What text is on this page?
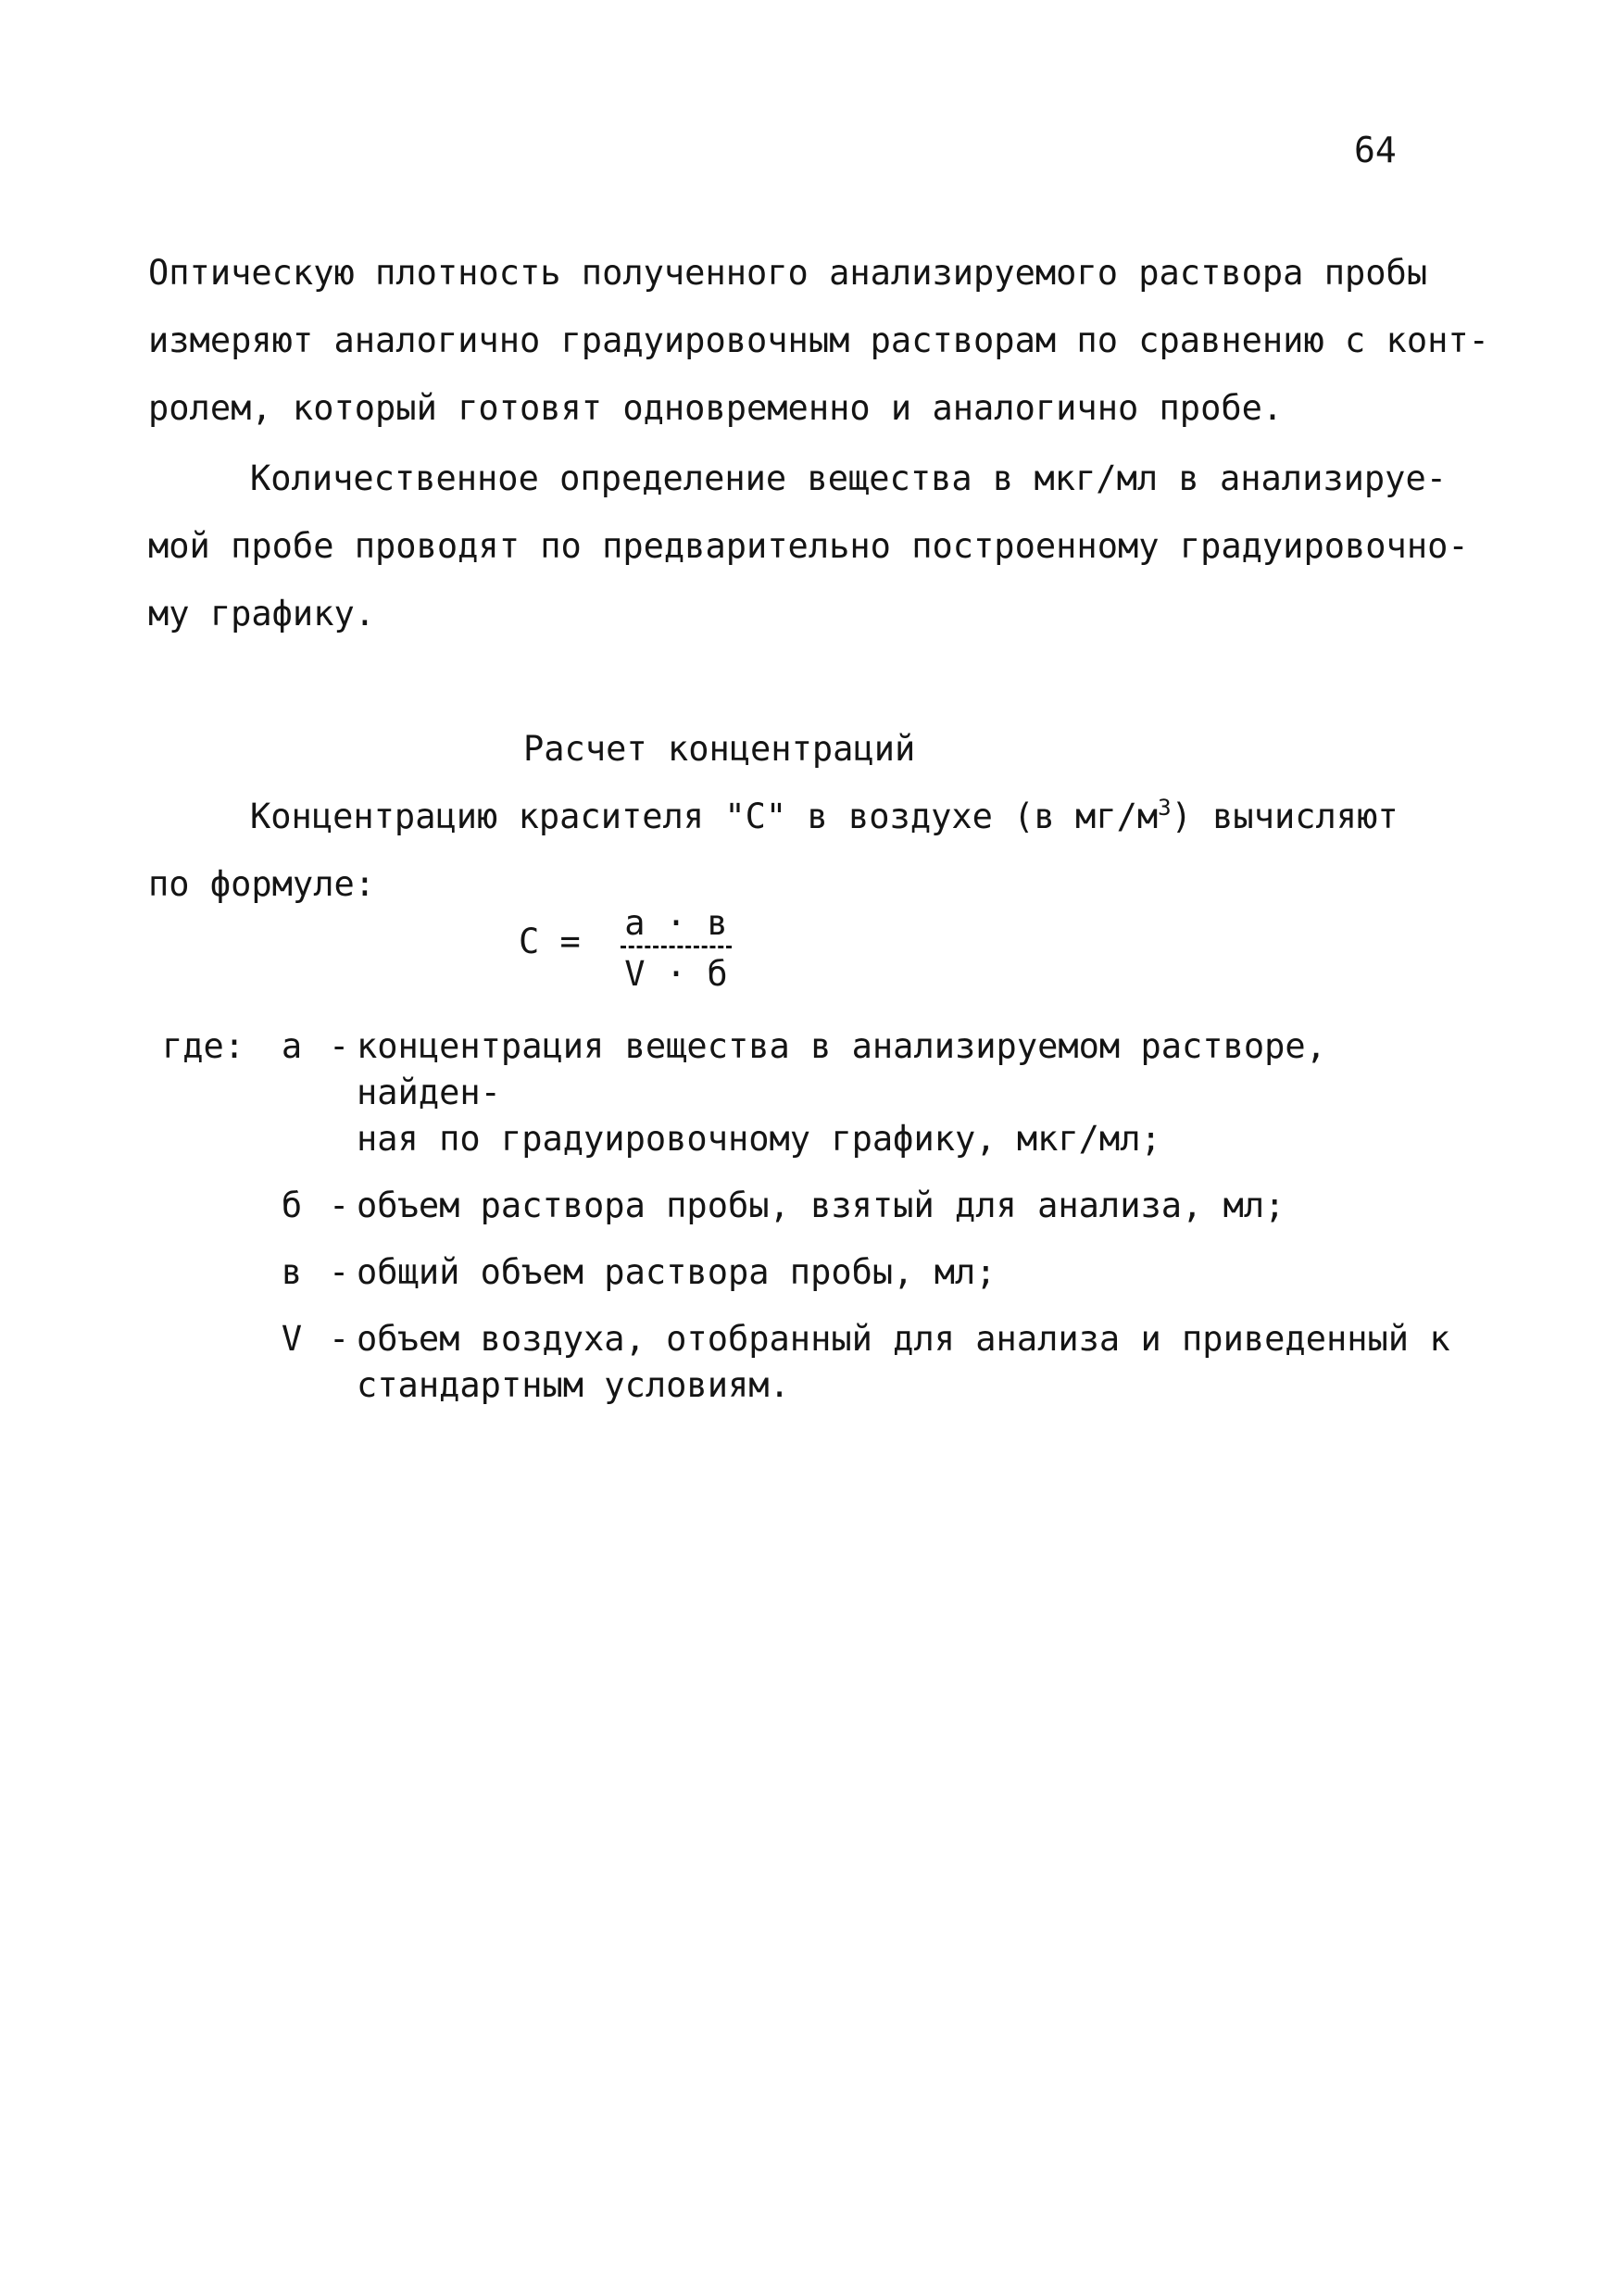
64
Оптическую плотность полученного анализируемого раствора пробы
измеряют аналогично градуировочным растворам по сравнению с конт-
ролем, который готовят одновременно и аналогично пробе.
Количественное определение вещества в мкг/мл в анализируе-
мой пробе проводят по предварительно построенному градуировочно-
му графику.
Расчет концентраций
Концентрацию красителя "С" в воздухе (в $мг/м^3$) вычисляют
по формуле:
С = а · в
V · б
где:	а - концентрация вещества в анализируемом растворе, найден-
ная по градуировочному графику, мкг/мл;
б - объем раствора пробы, взятый для анализа, мл;
в - общий объем раствора пробы, мл;
V - объем воздуха, отобранный для анализа и приведенный к
стандартным условиям.
